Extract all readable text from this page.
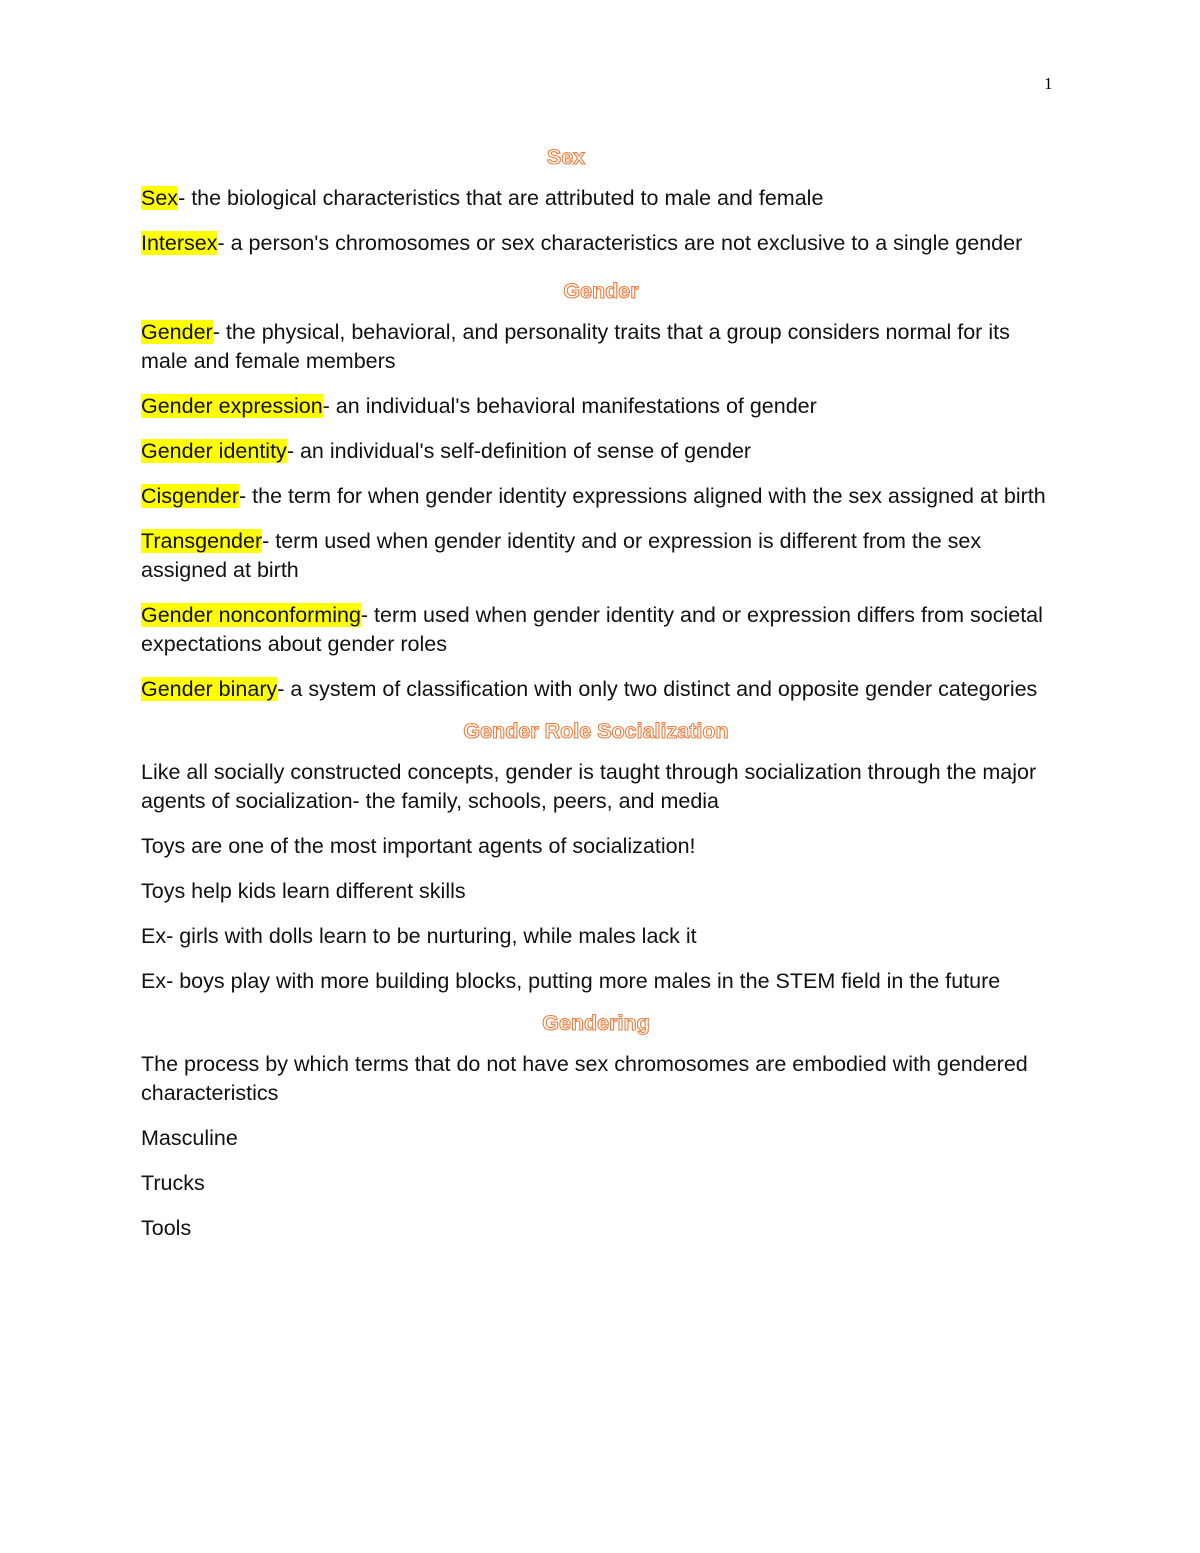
1
Sex

Sex- the biological characteristics that are attributed to male and female

Intersex- a person's chromosomes or sex characteristics are not exclusive to a single gender

Gender

Gender- the physical, behavioral, and personality traits that a group considers normal for its male and female members

Gender expression- an individual's behavioral manifestations of gender

Gender identity- an individual's self-definition of sense of gender

Cisgender- the term for when gender identity expressions aligned with the sex assigned at birth

Transgender- term used when gender identity and or expression is different from the sex assigned at birth

Gender nonconforming- term used when gender identity and or expression differs from societal expectations about gender roles

Gender binary- a system of classification with only two distinct and opposite gender categories

Gender Role Socialization

Like all socially constructed concepts, gender is taught through socialization through the major agents of socialization- the family, schools, peers, and media

Toys are one of the most important agents of socialization!

Toys help kids learn different skills

Ex- girls with dolls learn to be nurturing, while males lack it

Ex- boys play with more building blocks, putting more males in the STEM field in the future

Gendering

The process by which terms that do not have sex chromosomes are embodied with gendered characteristics

Masculine

Trucks

Tools
